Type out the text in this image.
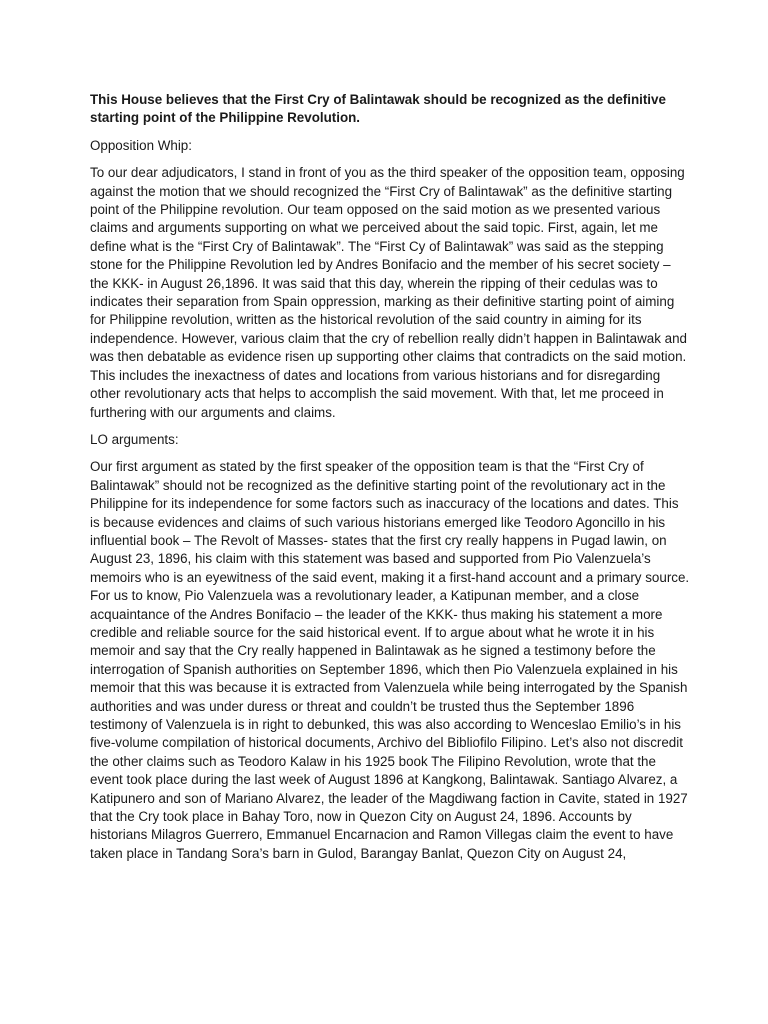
This House believes that the First Cry of Balintawak should be recognized as the definitive starting point of the Philippine Revolution.
Opposition Whip:
To our dear adjudicators, I stand in front of you as the third speaker of the opposition team, opposing against the motion that we should recognized the “First Cry of Balintawak” as the definitive starting point of the Philippine revolution. Our team opposed on the said motion as we presented various claims and arguments supporting on what we perceived about the said topic. First, again, let me define what is the “First Cry of Balintawak”. The “First Cy of Balintawak” was said as the stepping stone for the Philippine Revolution led by Andres Bonifacio and the member of his secret society – the KKK- in August 26,1896. It was said that this day, wherein the ripping of their cedulas was to indicates their separation from Spain oppression, marking as their definitive starting point of aiming for Philippine revolution, written as the historical revolution of the said country in aiming for its independence. However, various claim that the cry of rebellion really didn’t happen in Balintawak and was then debatable as evidence risen up supporting other claims that contradicts on the said motion. This includes the inexactness of dates and locations from various historians and for disregarding other revolutionary acts that helps to accomplish the said movement. With that, let me proceed in furthering with our arguments and claims.
LO arguments:
Our first argument as stated by the first speaker of the opposition team is that the “First Cry of Balintawak” should not be recognized as the definitive starting point of the revolutionary act in the Philippine for its independence for some factors such as inaccuracy of the locations and dates. This is because evidences and claims of such various historians emerged like Teodoro Agoncillo in his influential book – The Revolt of Masses- states that the first cry really happens in Pugad lawin, on August 23, 1896, his claim with this statement was based and supported from Pio Valenzuela’s memoirs who is an eyewitness of the said event, making it a first-hand account and a primary source. For us to know, Pio Valenzuela was a revolutionary leader, a Katipunan member, and a close acquaintance of the Andres Bonifacio – the leader of the KKK- thus making his statement a more credible and reliable source for the said historical event. If to argue about what he wrote it in his memoir and say that the Cry really happened in Balintawak as he signed a testimony before the interrogation of Spanish authorities on September 1896, which then Pio Valenzuela explained in his memoir that this was because it is extracted from Valenzuela while being interrogated by the Spanish authorities and was under duress or threat and couldn’t be trusted thus the September 1896 testimony of Valenzuela is in right to debunked, this was also according to Wenceslao Emilio’s in his five-volume compilation of historical documents, Archivo del Bibliofilo Filipino. Let’s also not discredit the other claims such as Teodoro Kalaw in his 1925 book The Filipino Revolution, wrote that the event took place during the last week of August 1896 at Kangkong, Balintawak. Santiago Alvarez, a Katipunero and son of Mariano Alvarez, the leader of the Magdiwang faction in Cavite, stated in 1927 that the Cry took place in Bahay Toro, now in Quezon City on August 24, 1896. Accounts by historians Milagros Guerrero, Emmanuel Encarnacion and Ramon Villegas claim the event to have taken place in Tandang Sora’s barn in Gulod, Barangay Banlat, Quezon City on August 24,
